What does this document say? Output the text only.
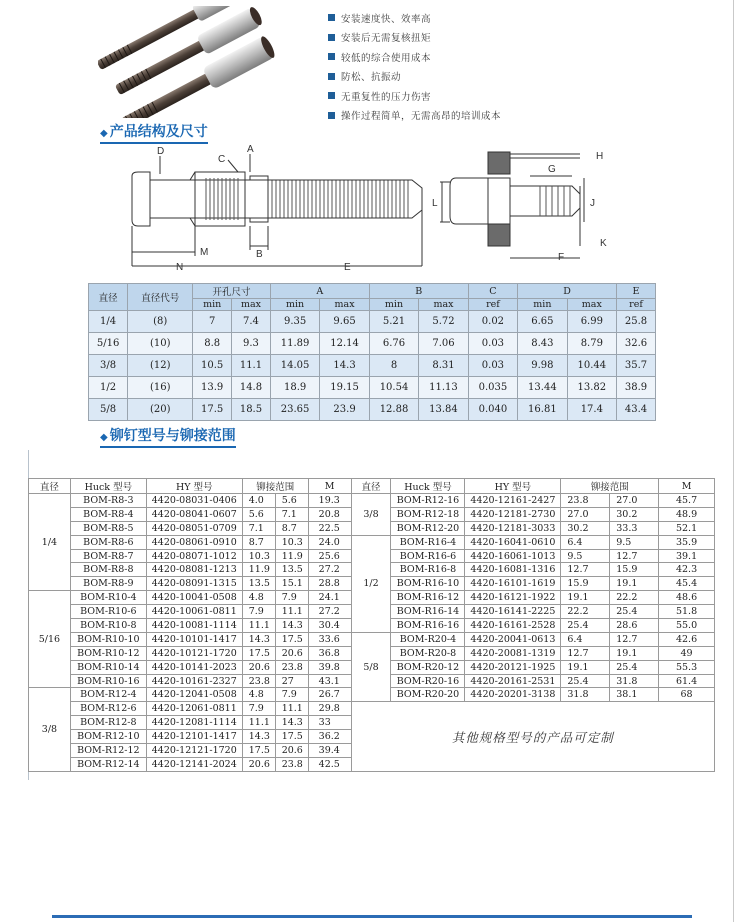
安装速度快、效率高
安装后无需复核扭矩
较低的综合使用成本
防松、抗振动
无重复性的压力伤害
操作过程简单，无需高昂的培训成本
◆ 产品结构及尺寸
D
C
A
M	B
N	E
G
H
L	J
K
F
直径	直径代号	开孔尺寸		A		B		C	D		E
		min	max	min	max	min	max	ref	min	max	ref
1/4	(8)	7	7.4	9.35	9.65	5.21	5.72	0.02	6.65	6.99	25.8
5/16	(10)	8.8	9.3	11.89	12.14	6.76	7.06	0.03	8.43	8.79	32.6
3/8	(12)	10.5	11.1	14.05	14.3	8	8.31	0.03	9.98	10.44	35.7
1/2	(16)	13.9	14.8	18.9	19.15	10.54	11.13	0.035	13.44	13.82	38.9
5/8	(20)	17.5	18.5	23.65	23.9	12.88	13.84	0.040	16.81	17.4	43.4
◆ 铆钉型号与铆接范围
直径	Huck 型号	HY 型号	铆接范围		M	直径	Huck 型号	HY 型号	铆接范围		M
1/4	BOM-R8-3	4420-08031-0406	4.0	5.6	19.3	3/8	BOM-R12-16	4420-12161-2427	23.8	27.0	45.7
	BOM-R8-4	4420-08041-0607	5.6	7.1	20.8		BOM-R12-18	4420-12181-2730	27.0	30.2	48.9
	BOM-R8-5	4420-08051-0709	7.1	8.7	22.5		BOM-R12-20	4420-12181-3033	30.2	33.3	52.1
	BOM-R8-6	4420-08061-0910	8.7	10.3	24.0	1/2	BOM-R16-4	4420-16041-0610	6.4	9.5	35.9
	BOM-R8-7	4420-08071-1012	10.3	11.9	25.6		BOM-R16-6	4420-16061-1013	9.5	12.7	39.1
	BOM-R8-8	4420-08081-1213	11.9	13.5	27.2		BOM-R16-8	4420-16081-1316	12.7	15.9	42.3
	BOM-R8-9	4420-08091-1315	13.5	15.1	28.8		BOM-R16-10	4420-16101-1619	15.9	19.1	45.4
5/16	BOM-R10-4	4420-10041-0508	4.8	7.9	24.1		BOM-R16-12	4420-16121-1922	19.1	22.2	48.6
	BOM-R10-6	4420-10061-0811	7.9	11.1	27.2		BOM-R16-14	4420-16141-2225	22.2	25.4	51.8
	BOM-R10-8	4420-10081-1114	11.1	14.3	30.4		BOM-R16-16	4420-16161-2528	25.4	28.6	55.0
	BOM-R10-10	4420-10101-1417	14.3	17.5	33.6	5/8	BOM-R20-4	4420-20041-0613	6.4	12.7	42.6
	BOM-R10-12	4420-10121-1720	17.5	20.6	36.8		BOM-R20-8	4420-20081-1319	12.7	19.1	49
	BOM-R10-14	4420-10141-2023	20.6	23.8	39.8		BOM-R20-12	4420-20121-1925	19.1	25.4	55.3
	BOM-R10-16	4420-10161-2327	23.8	27	43.1		BOM-R20-16	4420-20161-2531	25.4	31.8	61.4
3/8	BOM-R12-4	4420-12041-0508	4.8	7.9	26.7		BOM-R20-20	4420-20201-3138	31.8	38.1	68
	BOM-R12-6	4420-12061-0811	7.9	11.1	29.8	其他规格型号的产品可定制					
	BOM-R12-8	4420-12081-1114	11.1	14.3	33						
	BOM-R12-10	4420-12101-1417	14.3	17.5	36.2						
	BOM-R12-12	4420-12121-1720	17.5	20.6	39.4						
	BOM-R12-14	4420-12141-2024	20.6	23.8	42.5						
